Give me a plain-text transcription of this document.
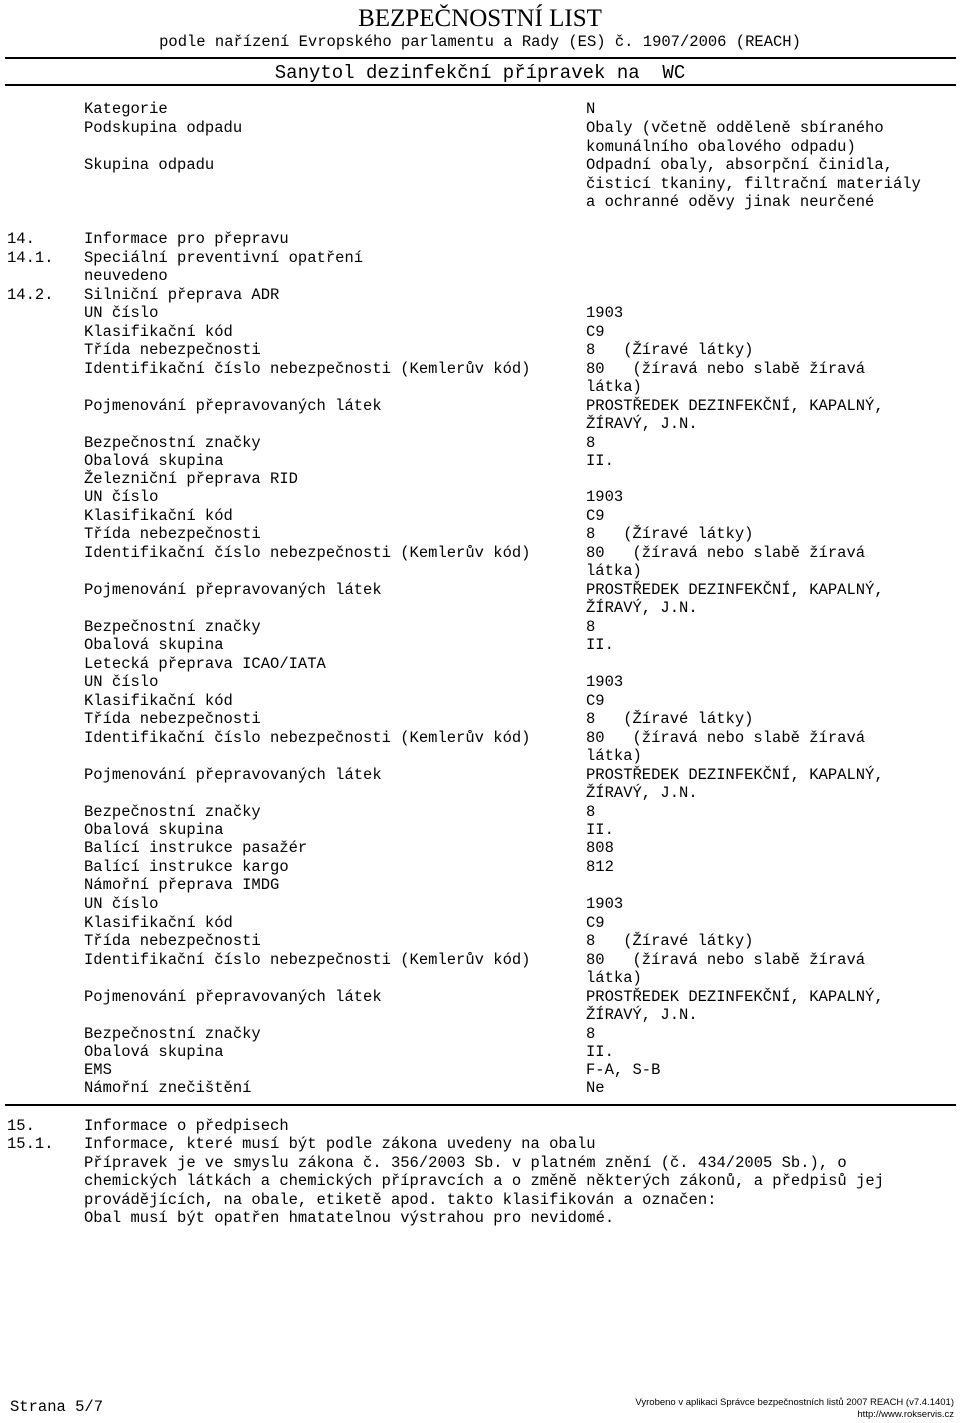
BEZPEČNOSTNÍ LIST
podle nařízení Evropského parlamentu a Rady (ES) č. 1907/2006 (REACH)
Sanytol dezinfekční přípravek na  WC
Kategorie	N
Podskupina odpadu	Obaly (včetně odděleně sbíraného
komunálního obalového odpadu)
Skupina odpadu	Odpadní obaly, absorpční činidla,
čisticí tkaniny, filtrační materiály
a ochranné oděvy jinak neurčené
14.	Informace pro přepravu
14.1. Speciální preventivní opatření
neuvedeno
14.2. Silniční přeprava ADR
UN číslo	1903
Klasifikační kód	C9
Třída nebezpečnosti	8   (Žíravé látky)
Identifikační číslo nebezpečnosti (Kemlerův kód)	80   (žíravá nebo slabě žíravá
látka)
Pojmenování přepravovaných látek	PROSTŘEDEK DEZINFEKČNÍ, KAPALNÝ,
ŽÍRAVÝ, J.N.
Bezpečnostní značky	8
Obalová skupina	II.
Železniční přeprava RID
UN číslo	1903
Klasifikační kód	C9
Třída nebezpečnosti	8   (Žíravé látky)
Identifikační číslo nebezpečnosti (Kemlerův kód)	80   (žíravá nebo slabě žíravá
látka)
Pojmenování přepravovaných látek	PROSTŘEDEK DEZINFEKČNÍ, KAPALNÝ,
ŽÍRAVÝ, J.N.
Bezpečnostní značky	8
Obalová skupina	II.
Letecká přeprava ICAO/IATA
UN číslo	1903
Klasifikační kód	C9
Třída nebezpečnosti	8   (Žíravé látky)
Identifikační číslo nebezpečnosti (Kemlerův kód)	80   (žíravá nebo slabě žíravá
látka)
Pojmenování přepravovaných látek	PROSTŘEDEK DEZINFEKČNÍ, KAPALNÝ,
ŽÍRAVÝ, J.N.
Bezpečnostní značky	8
Obalová skupina	II.
Balící instrukce pasažér	808
Balící instrukce kargo	812
Námořní přeprava IMDG
UN číslo	1903
Klasifikační kód	C9
Třída nebezpečnosti	8   (Žíravé látky)
Identifikační číslo nebezpečnosti (Kemlerův kód)	80   (žíravá nebo slabě žíravá
látka)
Pojmenování přepravovaných látek	PROSTŘEDEK DEZINFEKČNÍ, KAPALNÝ,
ŽÍRAVÝ, J.N.
Bezpečnostní značky	8
Obalová skupina	II.
EMS	F-A, S-B
Námořní znečištění	Ne
15.	Informace o předpisech
15.1. Informace, které musí být podle zákona uvedeny na obalu
Přípravek je ve smyslu zákona č. 356/2003 Sb. v platném znění (č. 434/2005 Sb.), o
chemických látkách a chemických přípravcích a o změně některých zákonů, a předpisů jej
provádějících, na obale, etiketě apod. takto klasifikován a označen:
Obal musí být opatřen hmatatelnou výstrahou pro nevidomé.
Strana 5/7	Vyrobeno v aplikaci Správce bezpečnostních listů 2007 REACH (v7.4.1401)
http://www.rokservis.cz
